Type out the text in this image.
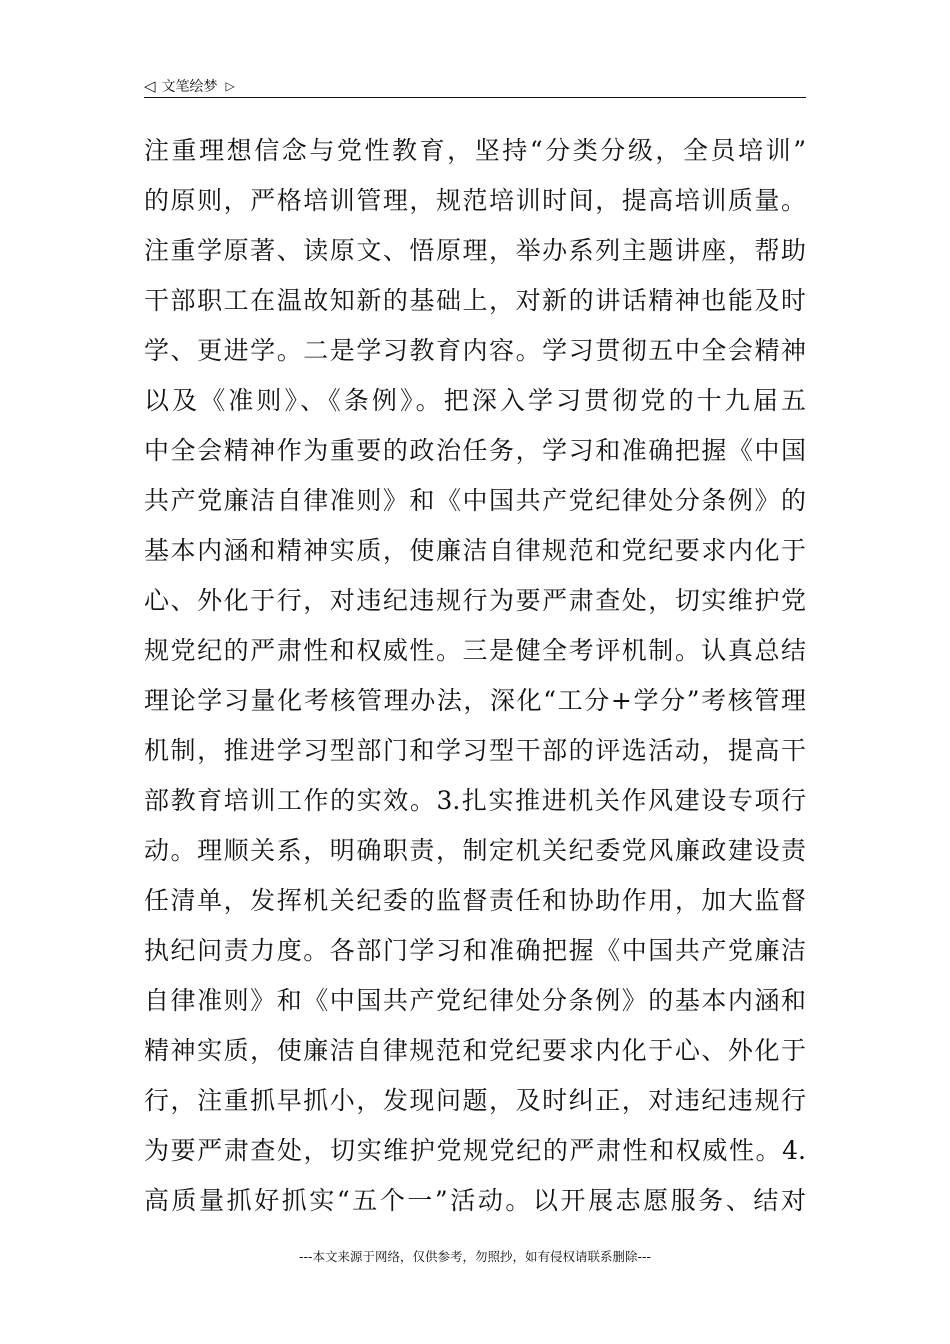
◁ 文笔绘梦 ▷
注重理想信念与党性教育，坚持“分类分级，全员培训”
的原则，严格培训管理，规范培训时间，提高培训质量。
注重学原著、读原文、悟原理，举办系列主题讲座，帮助
干部职工在温故知新的基础上，对新的讲话精神也能及时
学、更进学。二是学习教育内容。学习贯彻五中全会精神
以及《准则》、《条例》。把深入学习贯彻党的十九届五
中全会精神作为重要的政治任务，学习和准确把握《中国
共产党廉洁自律准则》和《中国共产党纪律处分条例》的
基本内涵和精神实质，使廉洁自律规范和党纪要求内化于
心、外化于行，对违纪违规行为要严肃查处，切实维护党
规党纪的严肃性和权威性。三是健全考评机制。认真总结
理论学习量化考核管理办法，深化“工分+学分”考核管理
机制，推进学习型部门和学习型干部的评选活动，提高干
部教育培训工作的实效。3.扎实推进机关作风建设专项行
动。理顺关系，明确职责，制定机关纪委党风廉政建设责
任清单，发挥机关纪委的监督责任和协助作用，加大监督
执纪问责力度。各部门学习和准确把握《中国共产党廉洁
自律准则》和《中国共产党纪律处分条例》的基本内涵和
精神实质，使廉洁自律规范和党纪要求内化于心、外化于
行，注重抓早抓小，发现问题，及时纠正，对违纪违规行
为要严肃查处，切实维护党规党纪的严肃性和权威性。4.
高质量抓好抓实“五个一”活动。以开展志愿服务、结对
---本文来源于网络，仅供参考，勿照抄，如有侵权请联系删除---
